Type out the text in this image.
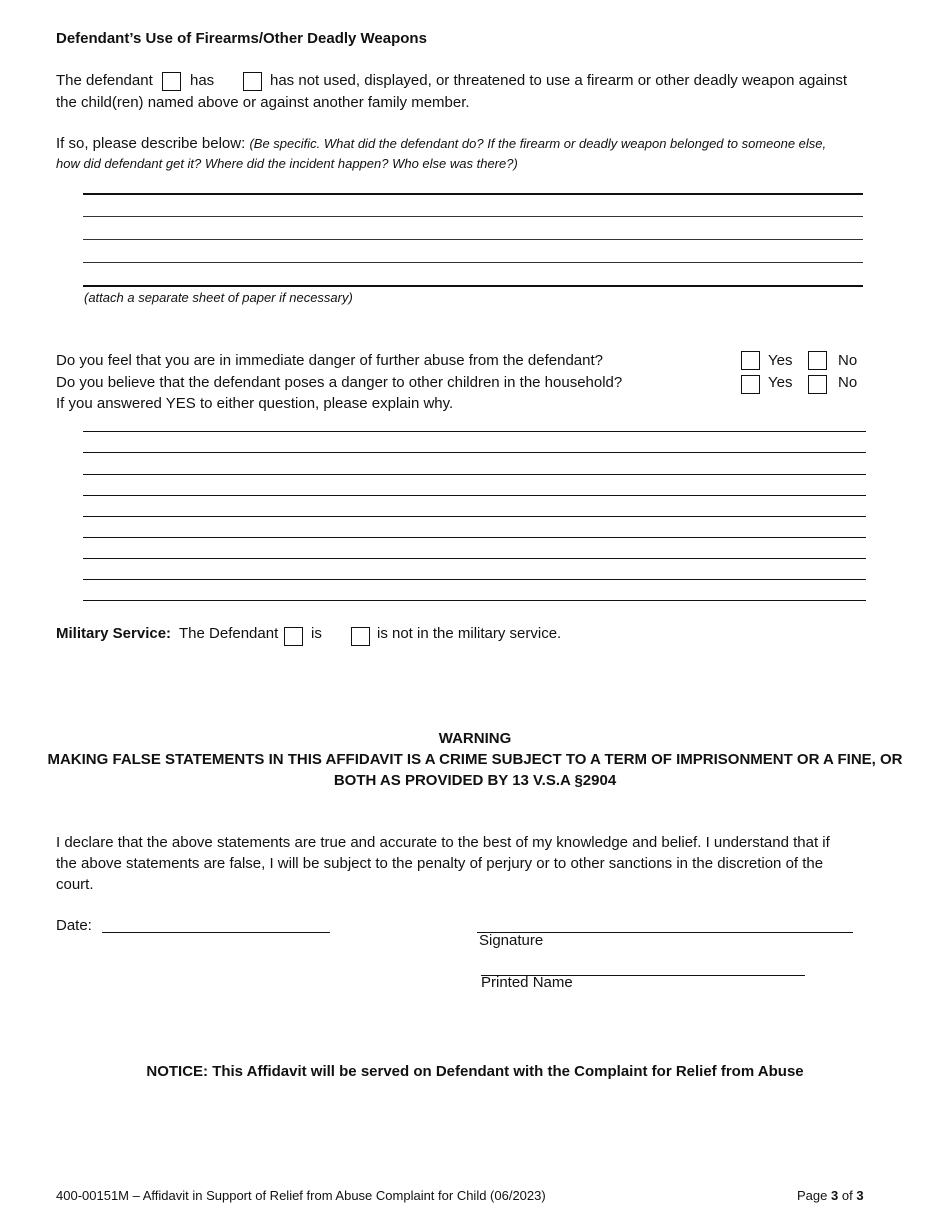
Defendant’s Use of Firearms/Other Deadly Weapons
The defendant has	has not used, displayed, or threatened to use a firearm or other deadly weapon against
the child(ren) named above or against another family member.
If so, please describe below: (Be specific. What did the defendant do? If the firearm or deadly weapon belonged to someone else,
how did defendant get it? Where did the incident happen? Who else was there?)
(attach a separate sheet of paper if necessary)
Do you feel that you are in immediate danger of further abuse from the defendant?	Yes	No
Do you believe that the defendant poses a danger to other children in the household?	Yes	No
If you answered YES to either question, please explain why.
Military Service: The Defendant is	is not in the military service.
WARNING
MAKING FALSE STATEMENTS IN THIS AFFIDAVIT IS A CRIME SUBJECT TO A TERM OF IMPRISONMENT OR A FINE, OR
BOTH AS PROVIDED BY 13 V.S.A §2904
I declare that the above statements are true and accurate to the best of my knowledge and belief. I understand that if
the above statements are false, I will be subject to the penalty of perjury or to other sanctions in the discretion of the
court.
Date:
Signature
Printed Name
NOTICE: This Affidavit will be served on Defendant with the Complaint for Relief from Abuse
400-00151M – Affidavit in Support of Relief from Abuse Complaint for Child (06/2023)	Page 3 of 3
